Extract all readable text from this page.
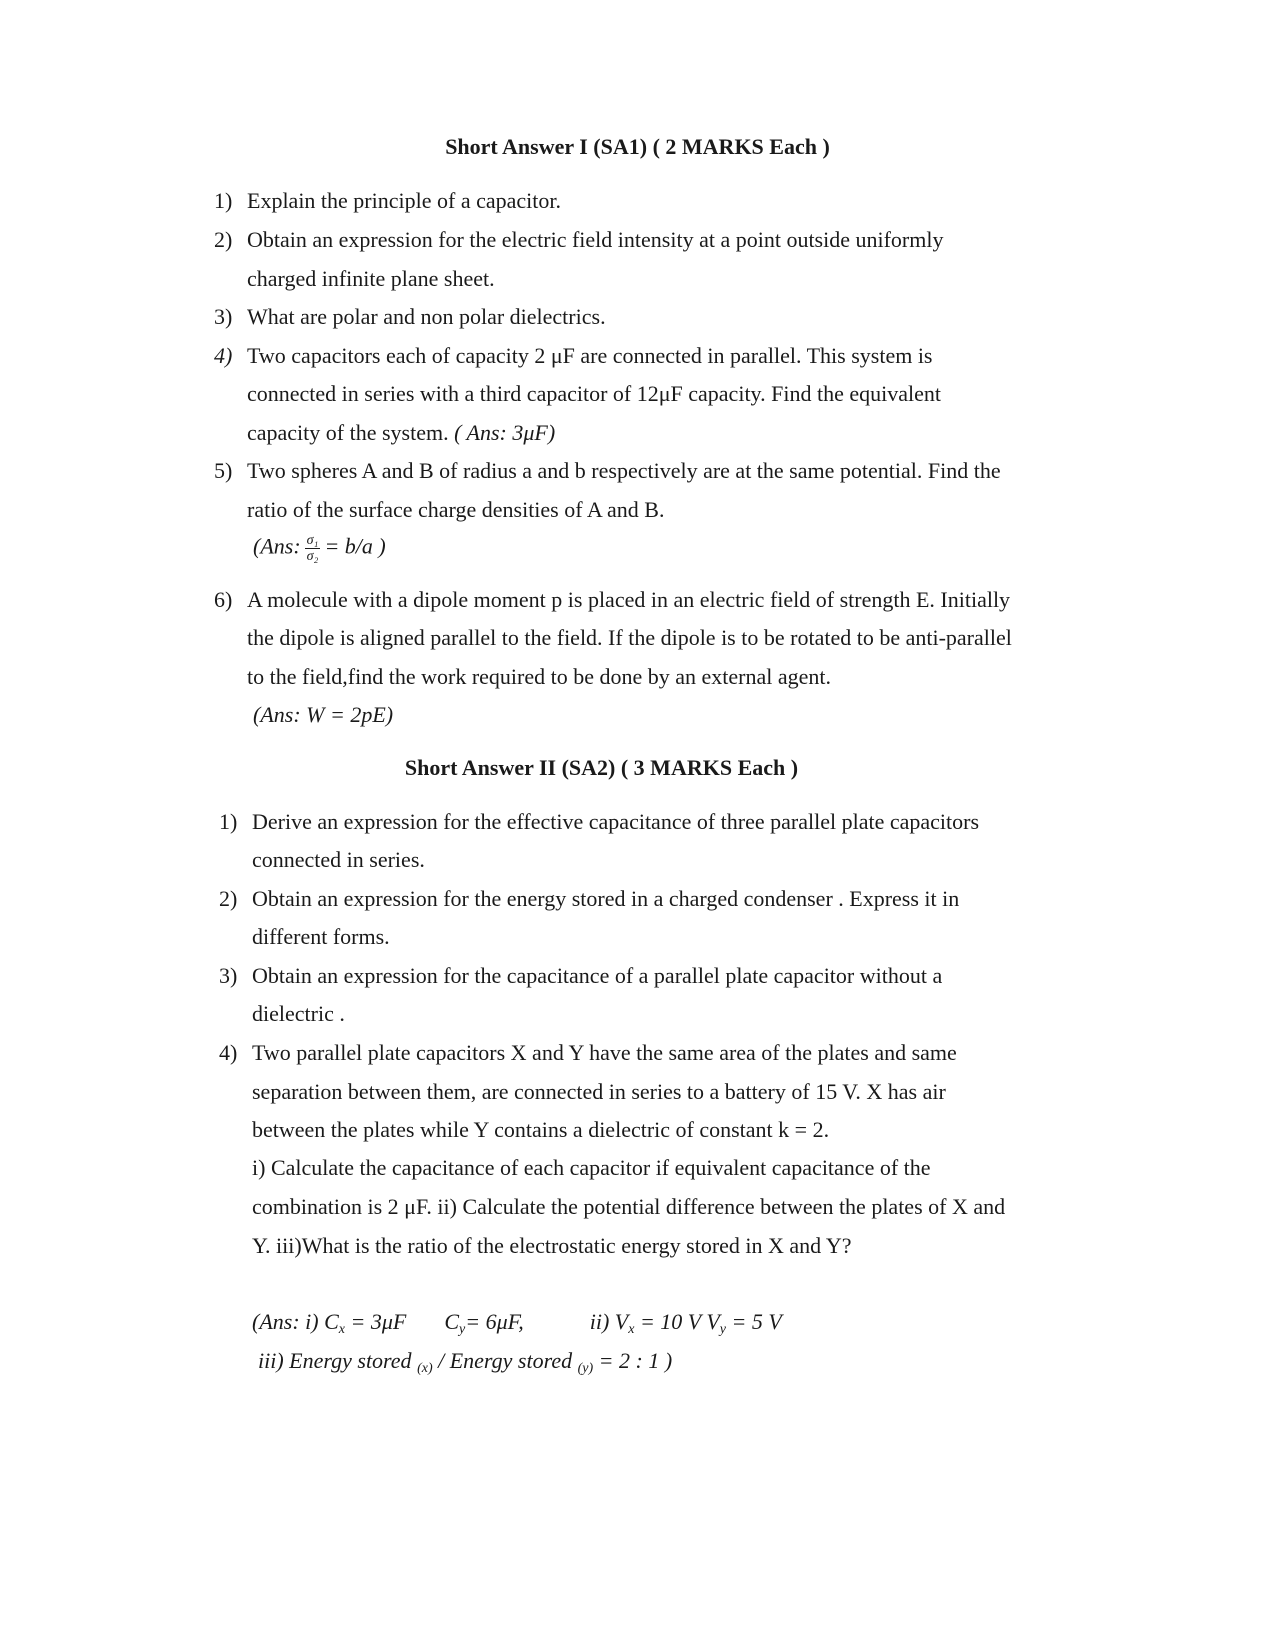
Short Answer I (SA1) ( 2 MARKS Each )
1) Explain the principle of a capacitor.
2) Obtain an expression for the electric field intensity at a point outside uniformly
charged infinite plane sheet.
3) What are polar and non polar dielectrics.
4) Two capacitors each of capacity 2 μF are connected in parallel. This system is
connected in series with a third capacitor of 12μF capacity. Find the equivalent
capacity of the system. ( Ans: 3μF)
5) Two spheres A and B of radius a and b respectively are at the same potential. Find the
ratio of the surface charge densities of A and B.
(Ans: $\frac{\text{σ₁}}{\text{σ₂}} = b/a$ )
6) A molecule with a dipole moment p is placed in an electric field of strength E. Initially
the dipole is aligned parallel to the field. If the dipole is to be rotated to be anti-parallel
to the field,find the work required to be done by an external agent.
(Ans: W = 2pE)
Short Answer II (SA2) ( 3 MARKS Each )
1) Derive an expression for the effective capacitance of three parallel plate capacitors
connected in series.
2) Obtain an expression for the energy stored in a charged condenser . Express it in
different forms.
3) Obtain an expression for the capacitance of a parallel plate capacitor without a
dielectric .
4) Two parallel plate capacitors X and Y have the same area of the plates and same
separation between them, are connected in series to a battery of 15 V. X has air
between the plates while Y contains a dielectric of constant k = 2.
i) Calculate the capacitance of each capacitor if equivalent capacitance of the
combination is 2 μF. ii) Calculate the potential difference between the plates of X and
Y. iii)What is the ratio of the electrostatic energy stored in X and Y?
(Ans: i) $C_x = 3\mu F$ $C_y= 6\mu F$,	ii) $V_x = 10$ V $V_y = 5$ V
iii) Energy stored $_{(x)}$ / Energy stored $_{(y)}$ = 2 : 1 )
